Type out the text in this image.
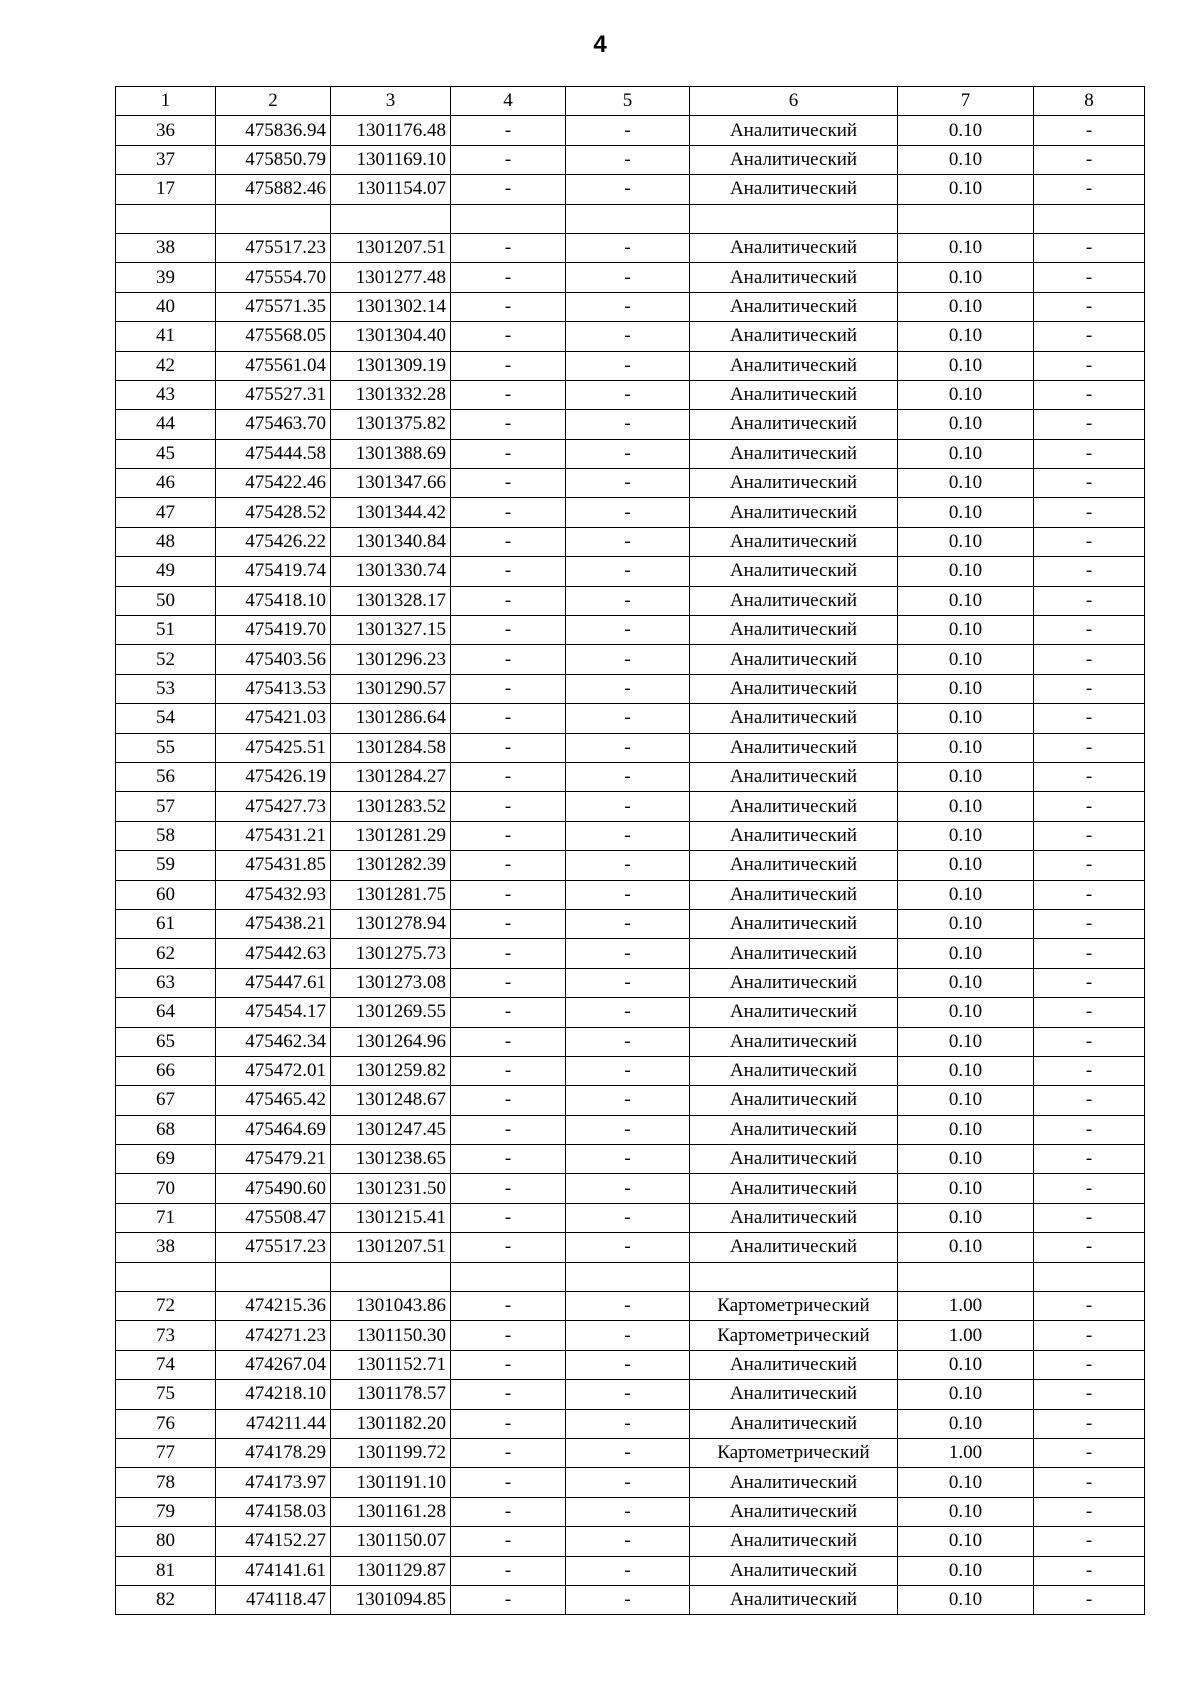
4
1	2	3	4	5	6	7	8
36	475836.94	1301176.48	-	-	Аналитический	0.10	-
37	475850.79	1301169.10	-	-	Аналитический	0.10	-
17	475882.46	1301154.07	-	-	Аналитический	0.10	-

38	475517.23	1301207.51	-	-	Аналитический	0.10	-
39	475554.70	1301277.48	-	-	Аналитический	0.10	-
40	475571.35	1301302.14	-	-	Аналитический	0.10	-
41	475568.05	1301304.40	-	-	Аналитический	0.10	-
42	475561.04	1301309.19	-	-	Аналитический	0.10	-
43	475527.31	1301332.28	-	-	Аналитический	0.10	-
44	475463.70	1301375.82	-	-	Аналитический	0.10	-
45	475444.58	1301388.69	-	-	Аналитический	0.10	-
46	475422.46	1301347.66	-	-	Аналитический	0.10	-
47	475428.52	1301344.42	-	-	Аналитический	0.10	-
48	475426.22	1301340.84	-	-	Аналитический	0.10	-
49	475419.74	1301330.74	-	-	Аналитический	0.10	-
50	475418.10	1301328.17	-	-	Аналитический	0.10	-
51	475419.70	1301327.15	-	-	Аналитический	0.10	-
52	475403.56	1301296.23	-	-	Аналитический	0.10	-
53	475413.53	1301290.57	-	-	Аналитический	0.10	-
54	475421.03	1301286.64	-	-	Аналитический	0.10	-
55	475425.51	1301284.58	-	-	Аналитический	0.10	-
56	475426.19	1301284.27	-	-	Аналитический	0.10	-
57	475427.73	1301283.52	-	-	Аналитический	0.10	-
58	475431.21	1301281.29	-	-	Аналитический	0.10	-
59	475431.85	1301282.39	-	-	Аналитический	0.10	-
60	475432.93	1301281.75	-	-	Аналитический	0.10	-
61	475438.21	1301278.94	-	-	Аналитический	0.10	-
62	475442.63	1301275.73	-	-	Аналитический	0.10	-
63	475447.61	1301273.08	-	-	Аналитический	0.10	-
64	475454.17	1301269.55	-	-	Аналитический	0.10	-
65	475462.34	1301264.96	-	-	Аналитический	0.10	-
66	475472.01	1301259.82	-	-	Аналитический	0.10	-
67	475465.42	1301248.67	-	-	Аналитический	0.10	-
68	475464.69	1301247.45	-	-	Аналитический	0.10	-
69	475479.21	1301238.65	-	-	Аналитический	0.10	-
70	475490.60	1301231.50	-	-	Аналитический	0.10	-
71	475508.47	1301215.41	-	-	Аналитический	0.10	-
38	475517.23	1301207.51	-	-	Аналитический	0.10	-

72	474215.36	1301043.86	-	-	Картометрический	1.00	-
73	474271.23	1301150.30	-	-	Картометрический	1.00	-
74	474267.04	1301152.71	-	-	Аналитический	0.10	-
75	474218.10	1301178.57	-	-	Аналитический	0.10	-
76	474211.44	1301182.20	-	-	Аналитический	0.10	-
77	474178.29	1301199.72	-	-	Картометрический	1.00	-
78	474173.97	1301191.10	-	-	Аналитический	0.10	-
79	474158.03	1301161.28	-	-	Аналитический	0.10	-
80	474152.27	1301150.07	-	-	Аналитический	0.10	-
81	474141.61	1301129.87	-	-	Аналитический	0.10	-
82	474118.47	1301094.85	-	-	Аналитический	0.10	-
